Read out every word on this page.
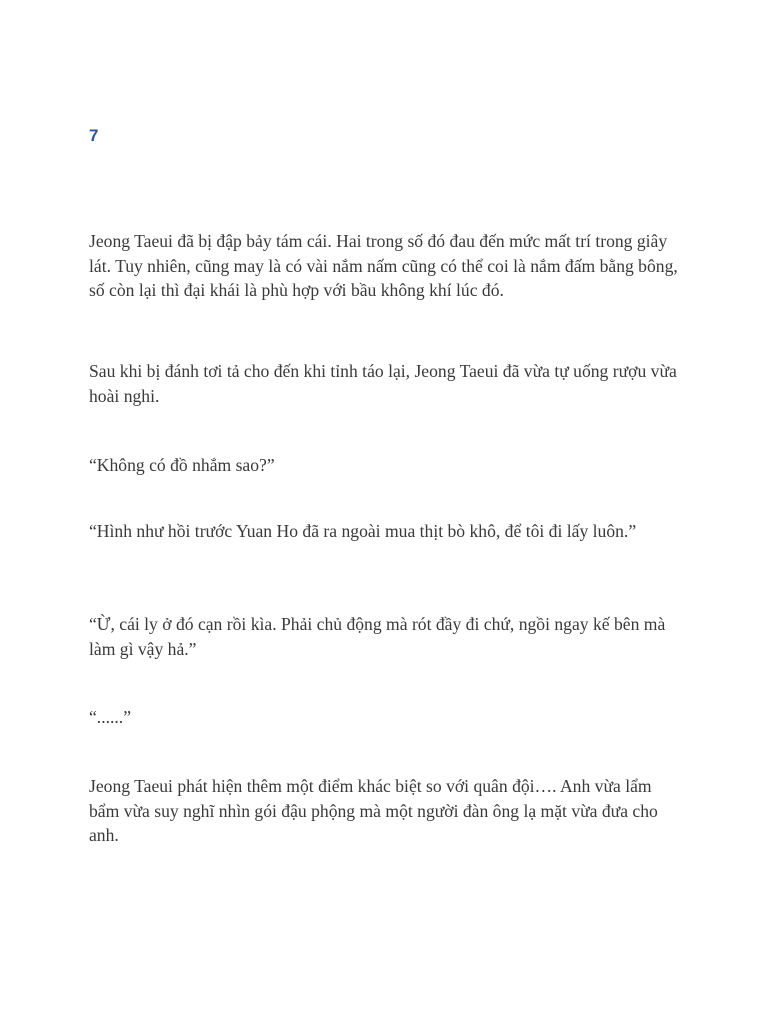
7

Jeong Taeui đã bị đập bảy tám cái. Hai trong số đó đau đến mức mất trí trong giây lát. Tuy nhiên, cũng may là có vài nắm nấm cũng có thể coi là nắm đấm bằng bông, số còn lại thì đại khái là phù hợp với bầu không khí lúc đó.

Sau khi bị đánh tơi tả cho đến khi tỉnh táo lại, Jeong Taeui đã vừa tự uống rượu vừa hoài nghi.

“Không có đồ nhắm sao?”

“Hình như hồi trước Yuan Ho đã ra ngoài mua thịt bò khô, để tôi đi lấy luôn.”

“Ừ, cái ly ở đó cạn rồi kìa. Phải chủ động mà rót đầy đi chứ, ngồi ngay kế bên mà làm gì vậy hả.”

“......”

Jeong Taeui phát hiện thêm một điểm khác biệt so với quân đội…. Anh vừa lẩm bẩm vừa suy nghĩ nhìn gói đậu phộng mà một người đàn ông lạ mặt vừa đưa cho anh.
